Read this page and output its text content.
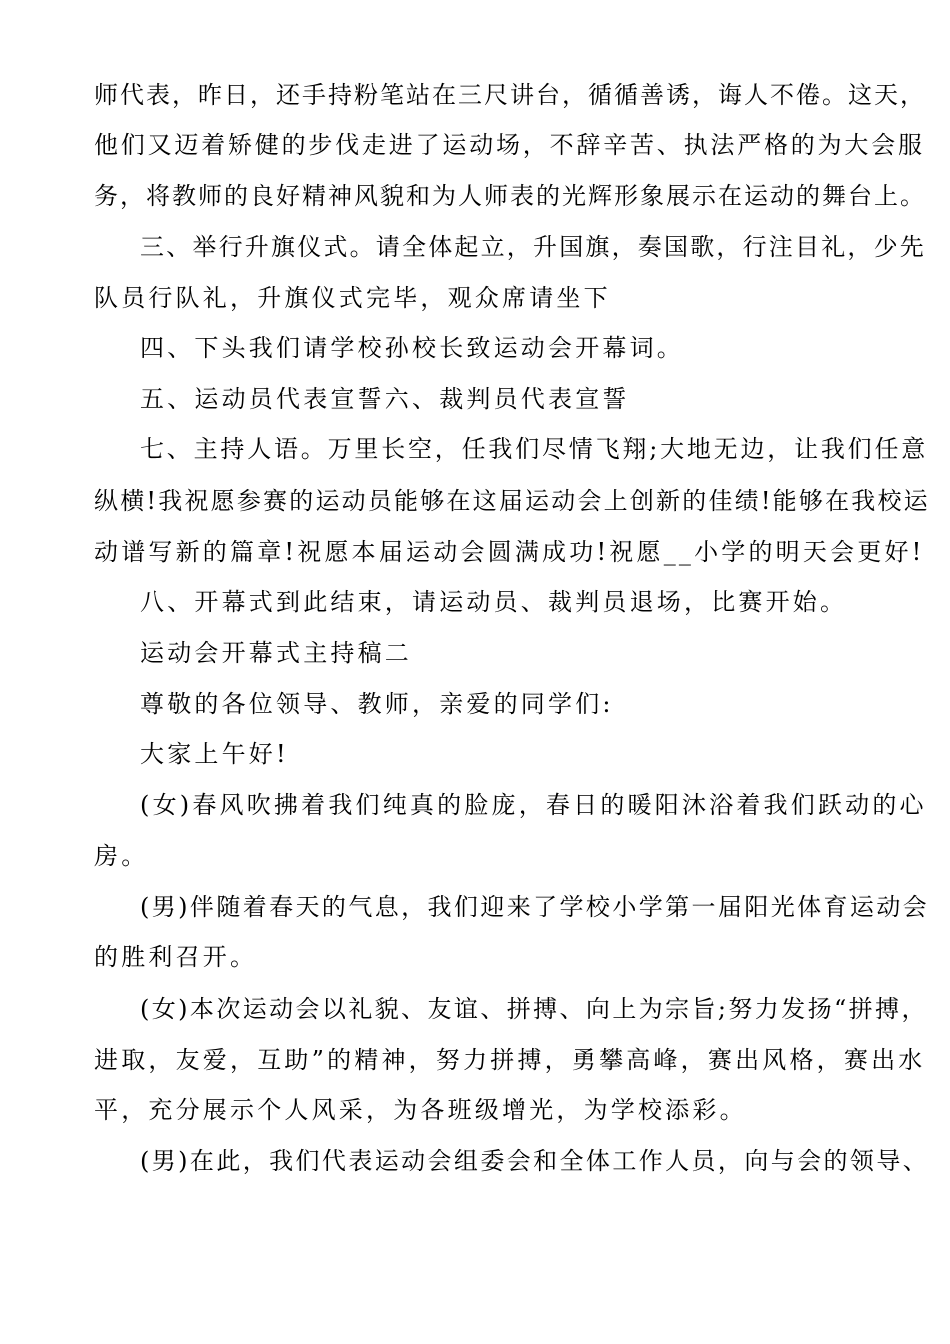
师代表，昨日，还手持粉笔站在三尺讲台，循循善诱，诲人不倦。这天，
他们又迈着矫健的步伐走进了运动场，不辞辛苦、执法严格的为大会服
务，将教师的良好精神风貌和为人师表的光辉形象展示在运动的舞台上。
三、举行升旗仪式。请全体起立，升国旗，奏国歌，行注目礼，少先
队员行队礼，升旗仪式完毕，观众席请坐下
四、下头我们请学校孙校长致运动会开幕词。
五、运动员代表宣誓六、裁判员代表宣誓
七、主持人语。万里长空，任我们尽情飞翔;大地无边，让我们任意
纵横!我祝愿参赛的运动员能够在这届运动会上创新的佳绩!能够在我校运
动谱写新的篇章!祝愿本届运动会圆满成功!祝愿__小学的明天会更好!
八、开幕式到此结束，请运动员、裁判员退场，比赛开始。
运动会开幕式主持稿二
尊敬的各位领导、教师，亲爱的同学们:
大家上午好!
(女)春风吹拂着我们纯真的脸庞，春日的暖阳沐浴着我们跃动的心
房。
(男)伴随着春天的气息，我们迎来了学校小学第一届阳光体育运动会
的胜利召开。
(女)本次运动会以礼貌、友谊、拼搏、向上为宗旨;努力发扬“拼搏，
进取，友爱，互助”的精神，努力拼搏，勇攀高峰，赛出风格，赛出水
平，充分展示个人风采，为各班级增光，为学校添彩。
(男)在此，我们代表运动会组委会和全体工作人员，向与会的领导、
